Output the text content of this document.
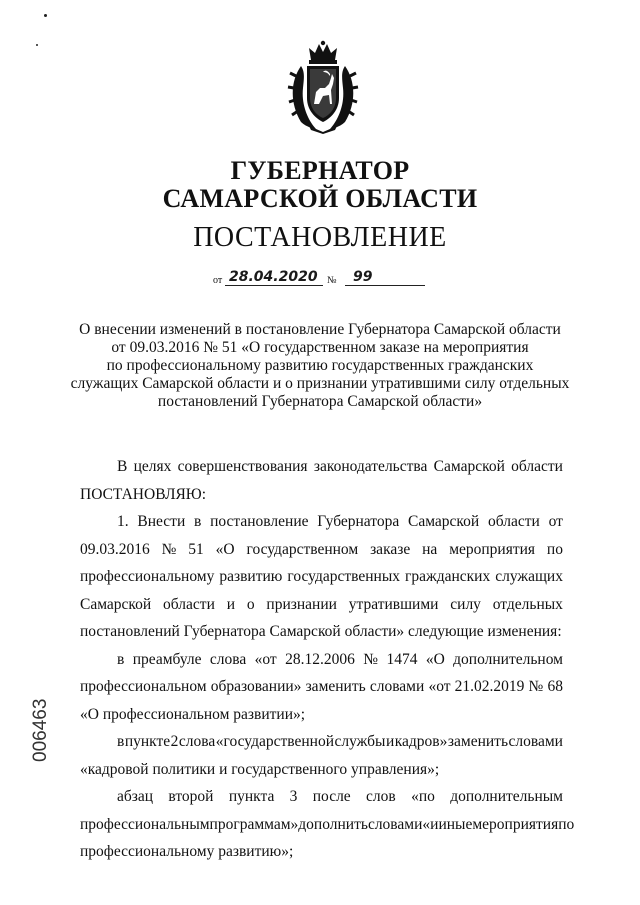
ГУБЕРНАТОР
САМАРСКОЙ ОБЛАСТИ
ПОСТАНОВЛЕНИЕ
от 28.04.2020 № 99
О внесении изменений в постановление Губернатора Самарской области
от 09.03.2016 № 51 «О государственном заказе на мероприятия
по профессиональному развитию государственных гражданских
служащих Самарской области и о признании утратившими силу отдельных
постановлений Губернатора Самарской области»
В целях совершенствования законодательства Самарской области
ПОСТАНОВЛЯЮ:
1. Внести в постановление Губернатора Самарской области от
09.03.2016 № 51 «О государственном заказе на мероприятия по
профессиональному развитию государственных гражданских служащих
Самарской области и о признании утратившими силу отдельных
постановлений Губернатора Самарской области» следующие изменения:
в преамбуле слова «от 28.12.2006 № 1474 «О дополнительном
профессиональном образовании» заменить словами «от 21.02.2019 № 68
«О профессиональном развитии»;
в пункте 2 слова «государственной службы и кадров» заменить словами
«кадровой политики и государственного управления»;
абзац второй пункта 3 после слов «по дополнительным
профессиональным программам» дополнить словами «и иные мероприятия по
профессиональному развитию»;
006463
